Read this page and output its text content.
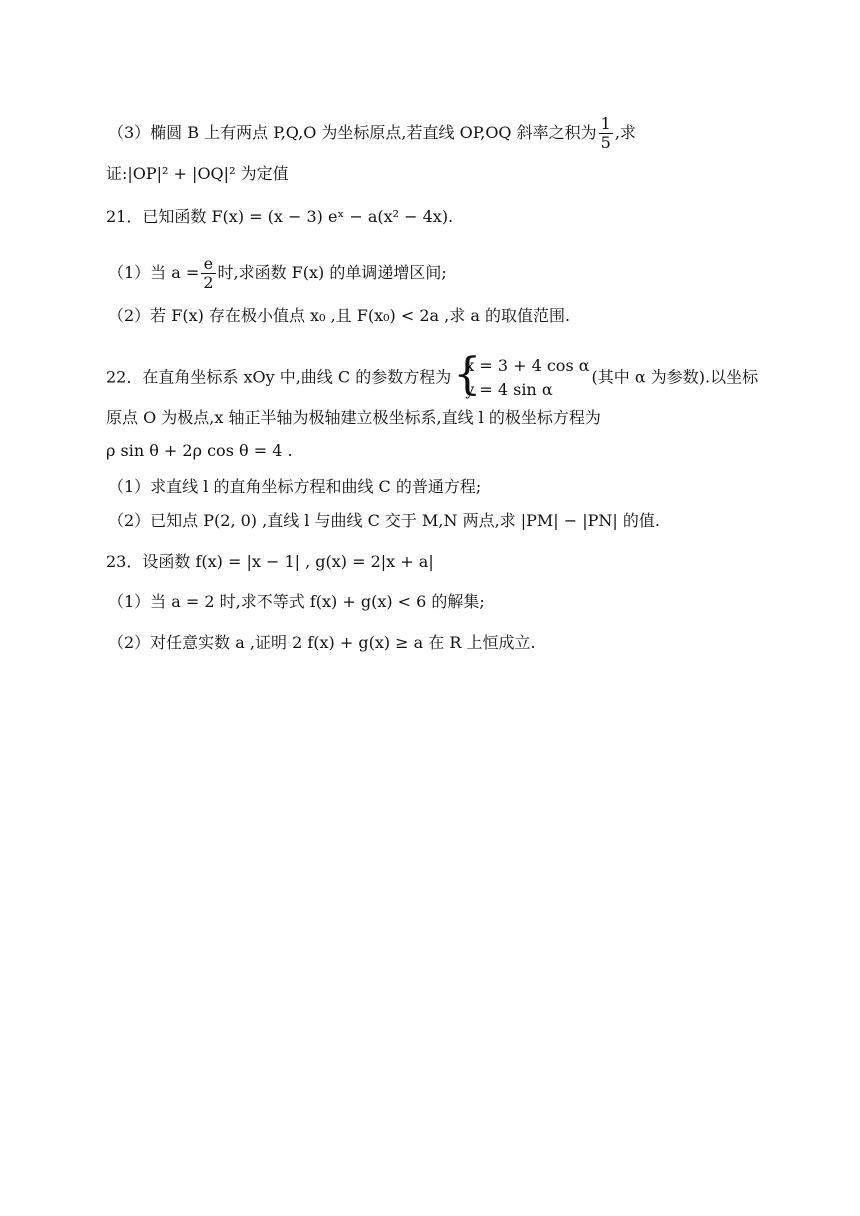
（3）椭圆 B 上有两点 P,Q,O 为坐标原点,若直线 OP,OQ 斜率之积为 $\frac{1}{5}$ ,求
证:|OP|² + |OQ|² 为定值
21．已知函数 F(x) = (x − 3) eˣ − a(x² − 4x).
（1）当 $a = \frac{e}{2}$ 时,求函数 F(x) 的单调递增区间;
（2）若 F(x) 存在极小值点 x₀ ,且 F(x₀) < 2a ,求 a 的取值范围.
22．在直角坐标系 xOy 中,曲线 C 的参数方程为 {
x = 3 + 4 cos α
y = 4 sin α
(其中 α 为参数).以坐标
原点 O 为极点,x 轴正半轴为极轴建立极坐标系,直线 l 的极坐标方程为
ρ sin θ + 2ρ cos θ = 4 .
（1）求直线 l 的直角坐标方程和曲线 C 的普通方程;
（2）已知点 P(2, 0) ,直线 l 与曲线 C 交于 M,N 两点,求 |PM| − |PN| 的值.
23．设函数 f(x) = |x − 1| , g(x) = 2|x + a|
（1）当 a = 2 时,求不等式 f(x) + g(x) < 6 的解集;
（2）对任意实数 a ,证明 2 f(x) + g(x) ≥ a 在 R 上恒成立.
